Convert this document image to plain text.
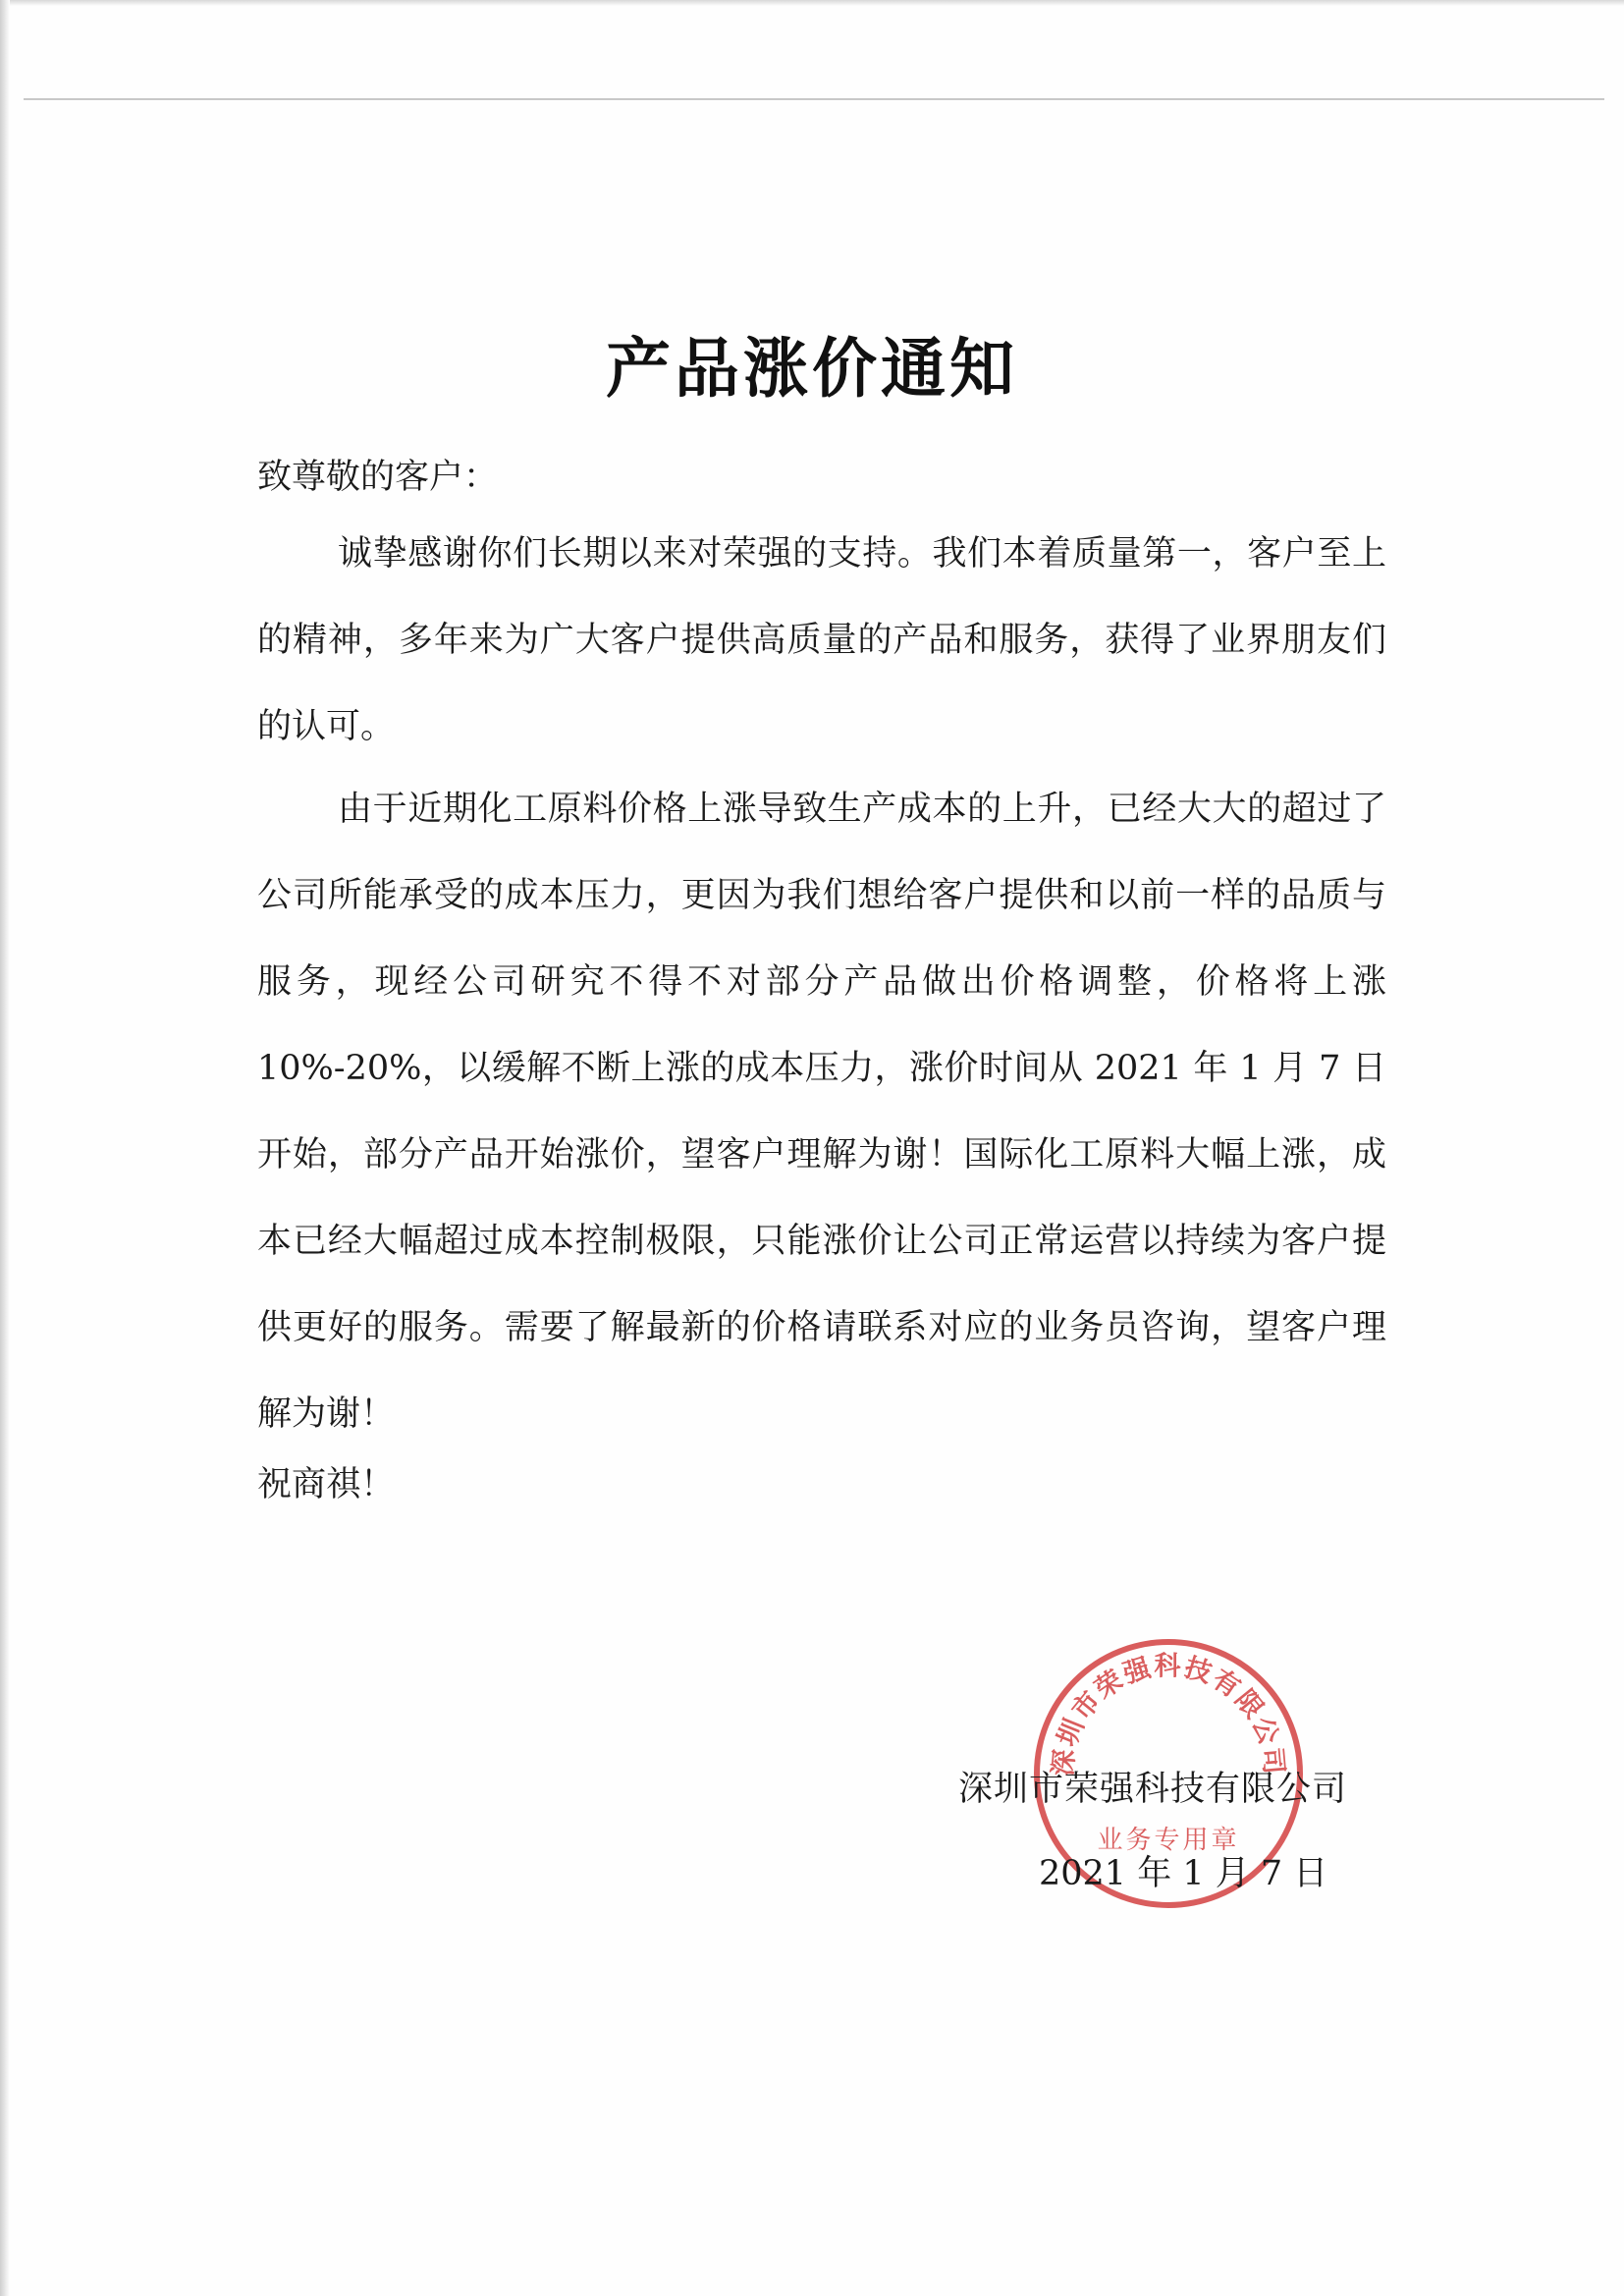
产品涨价通知
致尊敬的客户：
诚挚感谢你们长期以来对荣强的支持。我们本着质量第一，客户至上的精神，多年来为广大客户提供高质量的产品和服务，获得了业界朋友们的认可。
由于近期化工原料价格上涨导致生产成本的上升，已经大大的超过了公司所能承受的成本压力，更因为我们想给客户提供和以前一样的品质与服务，现经公司研究不得不对部分产品做出价格调整，价格将上涨 10%-20%，以缓解不断上涨的成本压力，涨价时间从 2021 年 1 月 7 日开始，部分产品开始涨价，望客户理解为谢！国际化工原料大幅上涨，成本已经大幅超过成本控制极限，只能涨价让公司正常运营以持续为客户提供更好的服务。需要了解最新的价格请联系对应的业务员咨询，望客户理解为谢！
祝商祺！
深圳市荣强科技有限公司
业务专用章
深圳市荣强科技有限公司
2021 年 1 月 7 日
